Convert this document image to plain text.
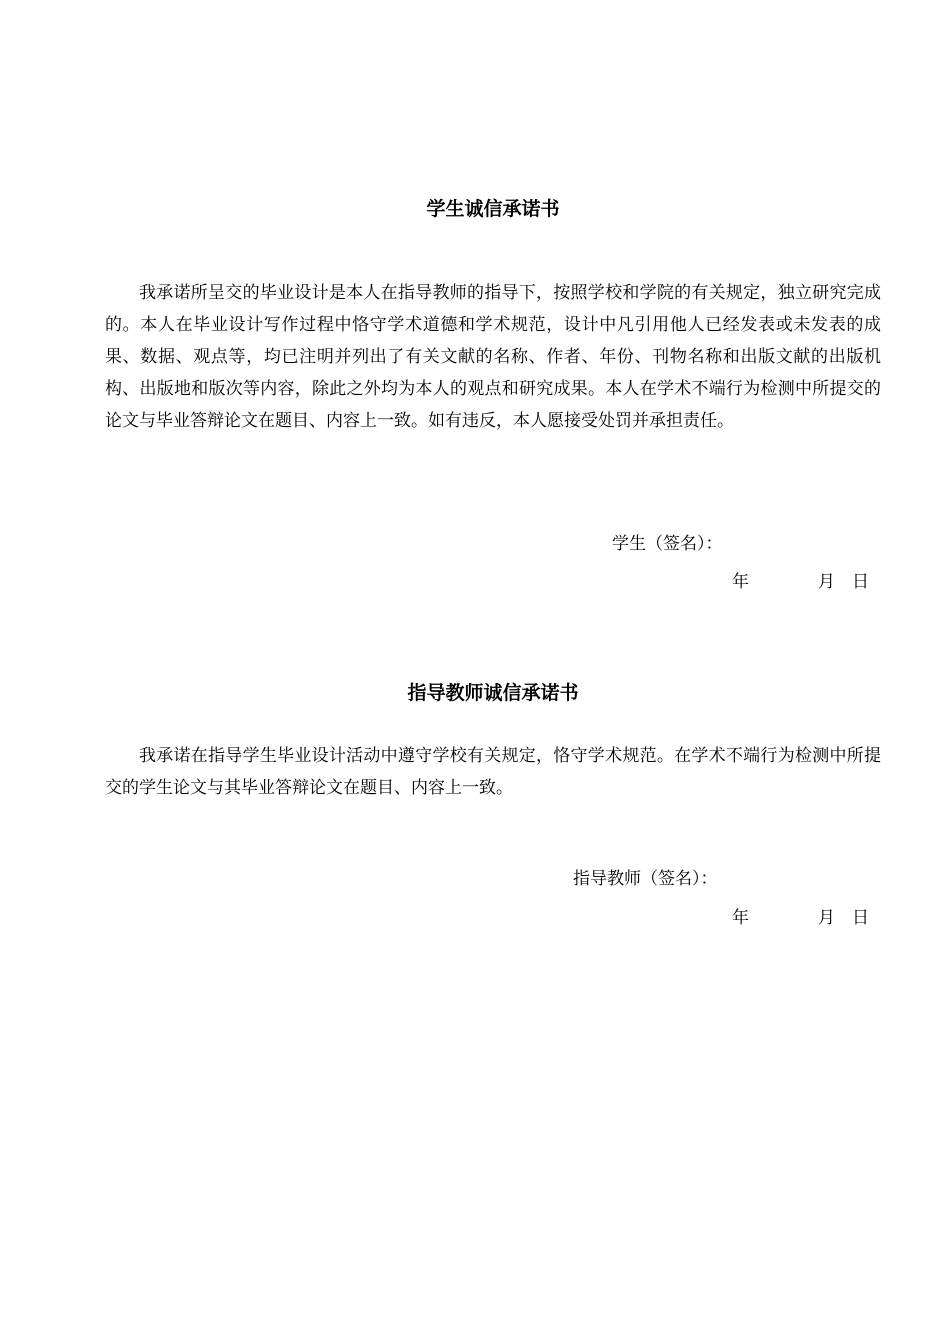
学生诚信承诺书

我承诺所呈交的毕业设计是本人在指导教师的指导下，按照学校和学院的有关规定，独立研究完成的。本人在毕业设计写作过程中恪守学术道德和学术规范，设计中凡引用他人已经发表或未发表的成果、数据、观点等，均已注明并列出了有关文献的名称、作者、年份、刊物名称和出版文献的出版机构、出版地和版次等内容，除此之外均为本人的观点和研究成果。本人在学术不端行为检测中所提交的论文与毕业答辩论文在题目、内容上一致。如有违反，本人愿接受处罚并承担责任。

学生（签名）：
年	月 日
指导教师诚信承诺书

我承诺在指导学生毕业设计活动中遵守学校有关规定，恪守学术规范。在学术不端行为检测中所提交的学生论文与其毕业答辩论文在题目、内容上一致。

指导教师（签名）：
年	月 日
